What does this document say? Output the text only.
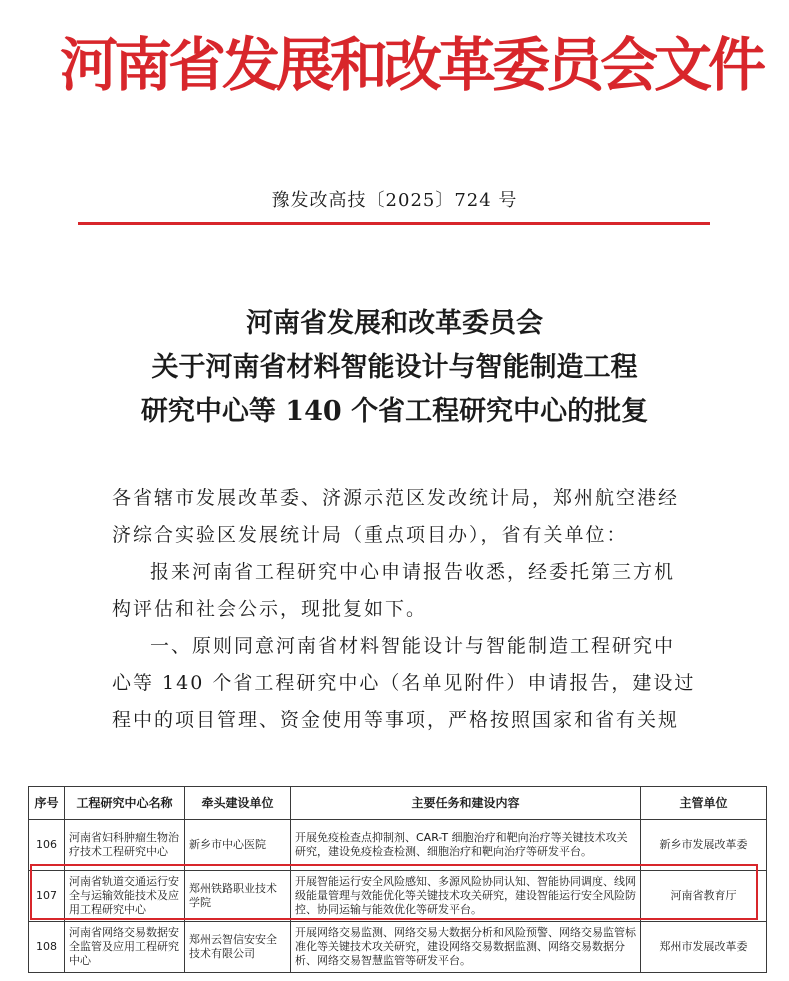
河南省发展和改革委员会文件
豫发改高技〔2025〕724 号
河南省发展和改革委员会
关于河南省材料智能设计与智能制造工程
研究中心等 140 个省工程研究中心的批复

各省辖市发展改革委、济源示范区发改统计局，郑州航空港经

济综合实验区发展统计局（重点项目办），省有关单位：

报来河南省工程研究中心申请报告收悉，经委托第三方机

构评估和社会公示，现批复如下。

一、原则同意河南省材料智能设计与智能制造工程研究中

心等 140 个省工程研究中心（名单见附件）申请报告，建设过

程中的项目管理、资金使用等事项，严格按照国家和省有关规

序号	工程研究中心名称	牵头建设单位	主要任务和建设内容	主管单位
106	河南省妇科肿瘤生物治疗技术工程研究中心	新乡市中心医院	开展免疫检查点抑制剂、CAR-T 细胞治疗和靶向治疗等关键技术攻关研究，建设免疫检查检测、细胞治疗和靶向治疗等研发平台。	新乡市发展改革委
107	河南省轨道交通运行安全与运输效能技术及应用工程研究中心	郑州铁路职业技术学院	开展智能运行安全风险感知、多源风险协同认知、智能协同调度、线网级能量管理与效能优化等关键技术攻关研究，建设智能运行安全风险防控、协同运输与能效优化等研发平台。	河南省教育厅
108	河南省网络交易数据安全监管及应用工程研究中心	郑州云智信安安全技术有限公司	开展网络交易监测、网络交易大数据分析和风险预警、网络交易监管标准化等关键技术攻关研究，建设网络交易数据监测、网络交易数据分析、网络交易智慧监管等研发平台。	郑州市发展改革委
